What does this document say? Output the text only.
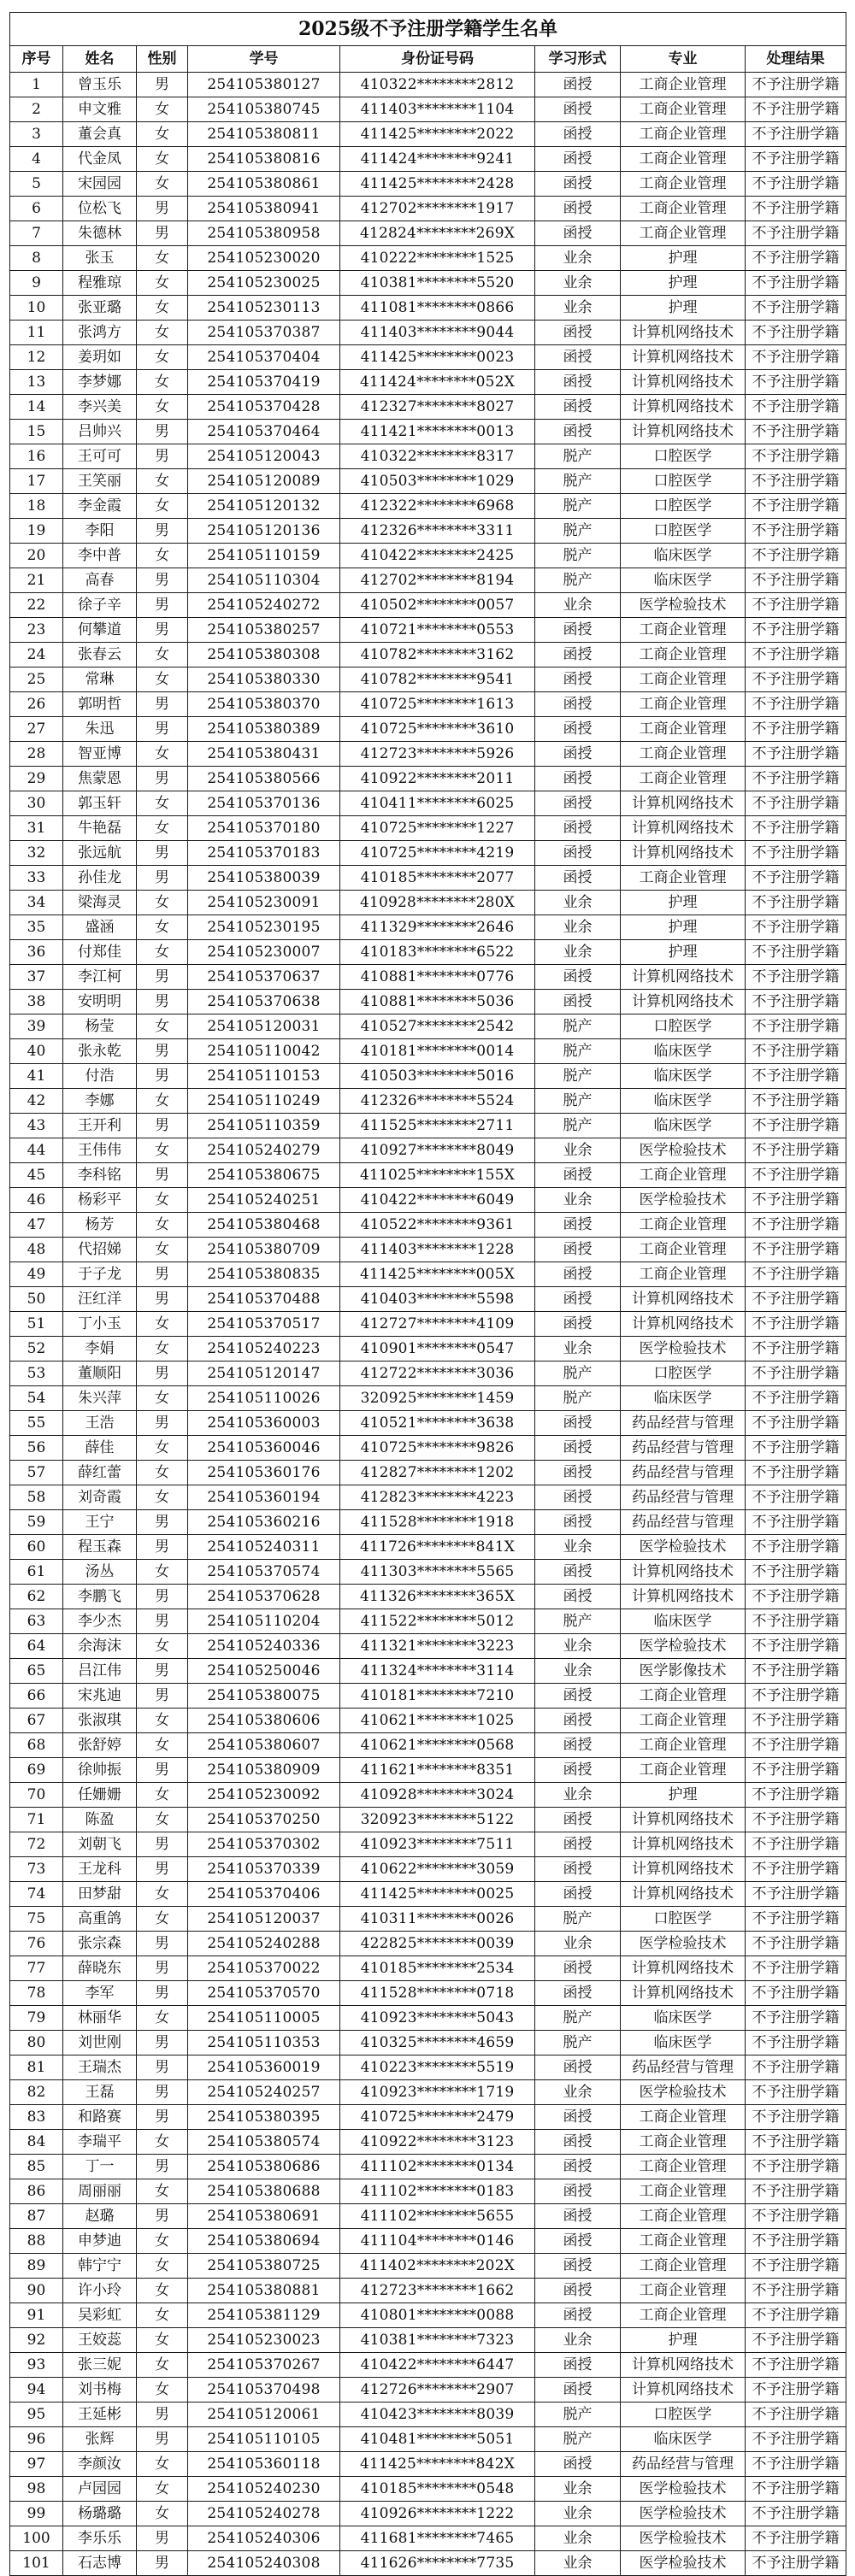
2025级不予注册学籍学生名单							
序号	姓名	性别	学号	身份证号码	学习形式	专业	处理结果
1	曾玉乐	男	254105380127	410322********2812	函授	工商企业管理	不予注册学籍
2	申文雅	女	254105380745	411403********1104	函授	工商企业管理	不予注册学籍
3	董会真	女	254105380811	411425********2022	函授	工商企业管理	不予注册学籍
4	代金凤	女	254105380816	411424********9241	函授	工商企业管理	不予注册学籍
5	宋园园	女	254105380861	411425********2428	函授	工商企业管理	不予注册学籍
6	位松飞	男	254105380941	412702********1917	函授	工商企业管理	不予注册学籍
7	朱德林	男	254105380958	412824********269X	函授	工商企业管理	不予注册学籍
8	张玉	女	254105230020	410222********1525	业余	护理	不予注册学籍
9	程雅琼	女	254105230025	410381********5520	业余	护理	不予注册学籍
10	张亚璐	女	254105230113	411081********0866	业余	护理	不予注册学籍
11	张鸿方	女	254105370387	411403********9044	函授	计算机网络技术	不予注册学籍
12	姜玥如	女	254105370404	411425********0023	函授	计算机网络技术	不予注册学籍
13	李梦娜	女	254105370419	411424********052X	函授	计算机网络技术	不予注册学籍
14	李兴美	女	254105370428	412327********8027	函授	计算机网络技术	不予注册学籍
15	吕帅兴	男	254105370464	411421********0013	函授	计算机网络技术	不予注册学籍
16	王可可	男	254105120043	410322********8317	脱产	口腔医学	不予注册学籍
17	王笑丽	女	254105120089	410503********1029	脱产	口腔医学	不予注册学籍
18	李金霞	女	254105120132	412322********6968	脱产	口腔医学	不予注册学籍
19	李阳	男	254105120136	412326********3311	脱产	口腔医学	不予注册学籍
20	李中普	女	254105110159	410422********2425	脱产	临床医学	不予注册学籍
21	高春	男	254105110304	412702********8194	脱产	临床医学	不予注册学籍
22	徐子辛	男	254105240272	410502********0057	业余	医学检验技术	不予注册学籍
23	何攀道	男	254105380257	410721********0553	函授	工商企业管理	不予注册学籍
24	张春云	女	254105380308	410782********3162	函授	工商企业管理	不予注册学籍
25	常琳	女	254105380330	410782********9541	函授	工商企业管理	不予注册学籍
26	郭明哲	男	254105380370	410725********1613	函授	工商企业管理	不予注册学籍
27	朱迅	男	254105380389	410725********3610	函授	工商企业管理	不予注册学籍
28	智亚博	女	254105380431	412723********5926	函授	工商企业管理	不予注册学籍
29	焦蒙恩	男	254105380566	410922********2011	函授	工商企业管理	不予注册学籍
30	郭玉轩	女	254105370136	410411********6025	函授	计算机网络技术	不予注册学籍
31	牛艳磊	女	254105370180	410725********1227	函授	计算机网络技术	不予注册学籍
32	张远航	男	254105370183	410725********4219	函授	计算机网络技术	不予注册学籍
33	孙佳龙	男	254105380039	410185********2077	函授	工商企业管理	不予注册学籍
34	梁海灵	女	254105230091	410928********280X	业余	护理	不予注册学籍
35	盛涵	女	254105230195	411329********2646	业余	护理	不予注册学籍
36	付郑佳	女	254105230007	410183********6522	业余	护理	不予注册学籍
37	李江柯	男	254105370637	410881********0776	函授	计算机网络技术	不予注册学籍
38	安明明	男	254105370638	410881********5036	函授	计算机网络技术	不予注册学籍
39	杨莹	女	254105120031	410527********2542	脱产	口腔医学	不予注册学籍
40	张永乾	男	254105110042	410181********0014	脱产	临床医学	不予注册学籍
41	付浩	男	254105110153	410503********5016	脱产	临床医学	不予注册学籍
42	李娜	女	254105110249	412326********5524	脱产	临床医学	不予注册学籍
43	王开利	男	254105110359	411525********2711	脱产	临床医学	不予注册学籍
44	王伟伟	女	254105240279	410927********8049	业余	医学检验技术	不予注册学籍
45	李科铭	男	254105380675	411025********155X	函授	工商企业管理	不予注册学籍
46	杨彩平	女	254105240251	410422********6049	业余	医学检验技术	不予注册学籍
47	杨芳	女	254105380468	410522********9361	函授	工商企业管理	不予注册学籍
48	代招娣	女	254105380709	411403********1228	函授	工商企业管理	不予注册学籍
49	于子龙	男	254105380835	411425********005X	函授	工商企业管理	不予注册学籍
50	汪红洋	男	254105370488	410403********5598	函授	计算机网络技术	不予注册学籍
51	丁小玉	女	254105370517	412727********4109	函授	计算机网络技术	不予注册学籍
52	李娟	女	254105240223	410901********0547	业余	医学检验技术	不予注册学籍
53	董顺阳	男	254105120147	412722********3036	脱产	口腔医学	不予注册学籍
54	朱兴萍	女	254105110026	320925********1459	脱产	临床医学	不予注册学籍
55	王浩	男	254105360003	410521********3638	函授	药品经营与管理	不予注册学籍
56	薛佳	女	254105360046	410725********9826	函授	药品经营与管理	不予注册学籍
57	薛红蕾	女	254105360176	412827********1202	函授	药品经营与管理	不予注册学籍
58	刘奇霞	女	254105360194	412823********4223	函授	药品经营与管理	不予注册学籍
59	王宁	男	254105360216	411528********1918	函授	药品经营与管理	不予注册学籍
60	程玉森	男	254105240311	411726********841X	业余	医学检验技术	不予注册学籍
61	汤丛	女	254105370574	411303********5565	函授	计算机网络技术	不予注册学籍
62	李鹏飞	男	254105370628	411326********365X	函授	计算机网络技术	不予注册学籍
63	李少杰	男	254105110204	411522********5012	脱产	临床医学	不予注册学籍
64	余海沫	女	254105240336	411321********3223	业余	医学检验技术	不予注册学籍
65	吕江伟	男	254105250046	411324********3114	业余	医学影像技术	不予注册学籍
66	宋兆迪	男	254105380075	410181********7210	函授	工商企业管理	不予注册学籍
67	张淑琪	女	254105380606	410621********1025	函授	工商企业管理	不予注册学籍
68	张舒婷	女	254105380607	410621********0568	函授	工商企业管理	不予注册学籍
69	徐帅振	男	254105380909	411621********8351	函授	工商企业管理	不予注册学籍
70	任姗姗	女	254105230092	410928********3024	业余	护理	不予注册学籍
71	陈盈	女	254105370250	320923********5122	函授	计算机网络技术	不予注册学籍
72	刘朝飞	男	254105370302	410923********7511	函授	计算机网络技术	不予注册学籍
73	王龙科	男	254105370339	410622********3059	函授	计算机网络技术	不予注册学籍
74	田梦甜	女	254105370406	411425********0025	函授	计算机网络技术	不予注册学籍
75	高重鸽	女	254105120037	410311********0026	脱产	口腔医学	不予注册学籍
76	张宗森	男	254105240288	422825********0039	业余	医学检验技术	不予注册学籍
77	薛晓东	男	254105370022	410185********2534	函授	计算机网络技术	不予注册学籍
78	李军	男	254105370570	411528********0718	函授	计算机网络技术	不予注册学籍
79	林丽华	女	254105110005	410923********5043	脱产	临床医学	不予注册学籍
80	刘世刚	男	254105110353	410325********4659	脱产	临床医学	不予注册学籍
81	王瑞杰	男	254105360019	410223********5519	函授	药品经营与管理	不予注册学籍
82	王磊	男	254105240257	410923********1719	业余	医学检验技术	不予注册学籍
83	和路赛	男	254105380395	410725********2479	函授	工商企业管理	不予注册学籍
84	李瑞平	女	254105380574	410922********3123	函授	工商企业管理	不予注册学籍
85	丁一	男	254105380686	411102********0134	函授	工商企业管理	不予注册学籍
86	周丽丽	女	254105380688	411102********0183	函授	工商企业管理	不予注册学籍
87	赵璐	男	254105380691	411102********5655	函授	工商企业管理	不予注册学籍
88	申梦迪	女	254105380694	411104********0146	函授	工商企业管理	不予注册学籍
89	韩宁宁	女	254105380725	411402********202X	函授	工商企业管理	不予注册学籍
90	许小玲	女	254105380881	412723********1662	函授	工商企业管理	不予注册学籍
91	吴彩虹	女	254105381129	410801********0088	函授	工商企业管理	不予注册学籍
92	王姣蕊	女	254105230023	410381********7323	业余	护理	不予注册学籍
93	张三妮	女	254105370267	410422********6447	函授	计算机网络技术	不予注册学籍
94	刘书梅	女	254105370498	412726********2907	函授	计算机网络技术	不予注册学籍
95	王延彬	男	254105120061	410423********8039	脱产	口腔医学	不予注册学籍
96	张辉	男	254105110105	410481********5051	脱产	临床医学	不予注册学籍
97	李颜汝	女	254105360118	411425********842X	函授	药品经营与管理	不予注册学籍
98	卢园园	女	254105240230	410185********0548	业余	医学检验技术	不予注册学籍
99	杨璐璐	女	254105240278	410926********1222	业余	医学检验技术	不予注册学籍
100	李乐乐	男	254105240306	411681********7465	业余	医学检验技术	不予注册学籍
101	石志博	男	254105240308	411626********7735	业余	医学检验技术	不予注册学籍
